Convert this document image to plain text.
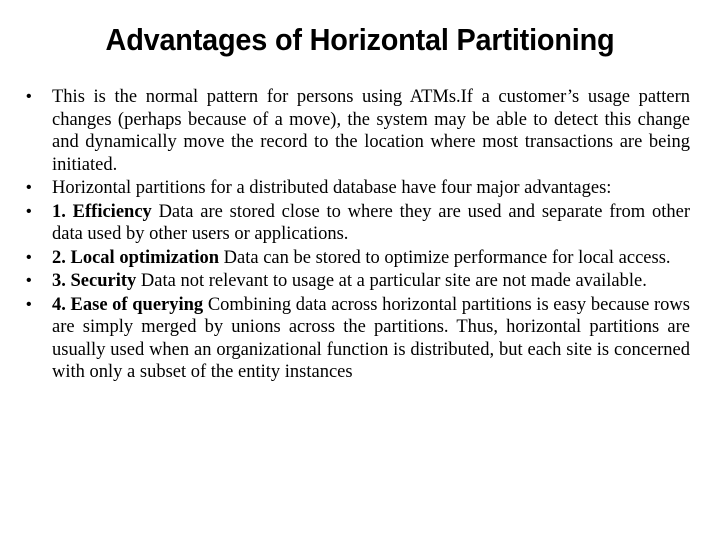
Advantages of Horizontal Partitioning
• This is the normal pattern for persons using ATMs.If a customer’s usage pattern changes (perhaps because of a move), the system may be able to detect this change and dynamically move the record to the location where most transactions are being initiated.
• Horizontal partitions for a distributed database have four major advantages:
• 1. Efficiency Data are stored close to where they are used and separate from other data used by other users or applications.
• 2. Local optimization Data can be stored to optimize performance for local access.
• 3. Security Data not relevant to usage at a particular site are not made available.
• 4. Ease of querying Combining data across horizontal partitions is easy because rows are simply merged by unions across the partitions. Thus, horizontal partitions are usually used when an organizational function is distributed, but each site is concerned with only a subset of the entity instances
